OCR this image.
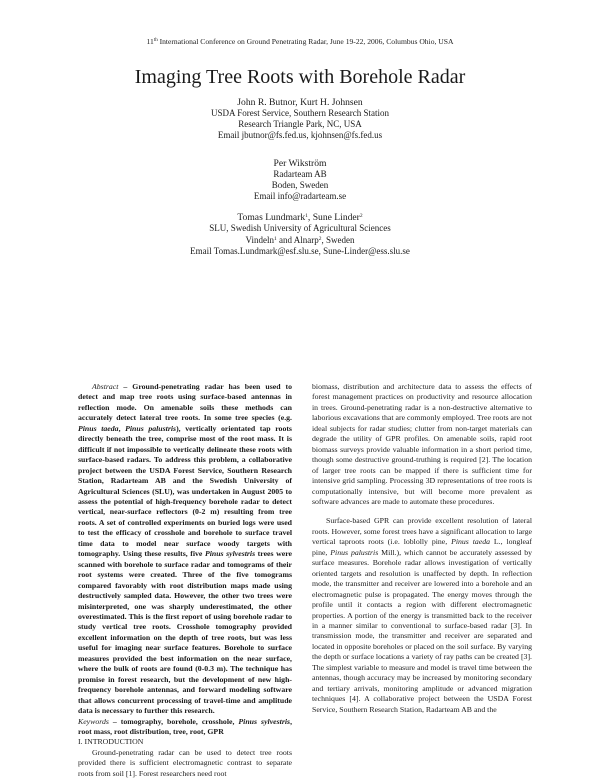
11th International Conference on Ground Penetrating Radar, June 19-22, 2006, Columbus Ohio, USA
Imaging Tree Roots with Borehole Radar
John R. Butnor, Kurt H. Johnsen
USDA Forest Service, Southern Research Station
Research Triangle Park, NC, USA
Email jbutnor@fs.fed.us, kjohnsen@fs.fed.us
Per Wikström
Radarteam AB
Boden, Sweden
Email info@radarteam.se
Tomas Lundmark$^1$, Sune Linder$^2$
SLU, Swedish University of Agricultural Sciences
Vindeln$^1$ and Alnarp$^2$, Sweden
Email Tomas.Lundmark@esf.slu.se, Sune-Linder@ess.slu.se

Abstract – Ground-penetrating radar has been used to detect and map tree roots using surface-based antennas in reflection mode. On amenable soils these methods can accurately detect lateral tree roots. In some tree species (e.g. Pinus taeda, Pinus palustris), vertically orientated tap roots directly beneath the tree, comprise most of the root mass. It is difficult if not impossible to vertically delineate these roots with surface-based radars. To address this problem, a collaborative project between the USDA Forest Service, Southern Research Station, Radarteam AB and the Swedish University of Agricultural Sciences (SLU), was undertaken in August 2005 to assess the potential of high-frequency borehole radar to detect vertical, near-surface reflectors (0-2 m) resulting from tree roots. A set of controlled experiments on buried logs were used to test the efficacy of crosshole and borehole to surface travel time data to model near surface woody targets with tomography. Using these results, five Pinus sylvestris trees were scanned with borehole to surface radar and tomograms of their root systems were created. Three of the five tomograms compared favorably with root distribution maps made using destructively sampled data. However, the other two trees were misinterpreted, one was sharply underestimated, the other overestimated. This is the first report of using borehole radar to study vertical tree roots. Crosshole tomography provided excellent information on the depth of tree roots, but was less useful for imaging near surface features. Borehole to surface measures provided the best information on the near surface, where the bulk of roots are found (0-0.3 m). The technique has promise in forest research, but the development of new high-frequency borehole antennas, and forward modeling software that allows concurrent processing of travel-time and amplitude data is necessary to further this research.

Keywords – tomography, borehole, crosshole, Pinus sylvestris, root mass, root distribution, tree, root, GPR

I. INTRODUCTION

Ground-penetrating radar can be used to detect tree roots provided there is sufficient electromagnetic contrast to separate roots from soil [1]. Forest researchers need root

biomass, distribution and architecture data to assess the effects of forest management practices on productivity and resource allocation in trees. Ground-penetrating radar is a non-destructive alternative to laborious excavations that are commonly employed. Tree roots are not ideal subjects for radar studies; clutter from non-target materials can degrade the utility of GPR profiles. On amenable soils, rapid root biomass surveys provide valuable information in a short period time, though some destructive ground-truthing is required [2]. The location of larger tree roots can be mapped if there is sufficient time for intensive grid sampling. Processing 3D representations of tree roots is computationally intensive, but will become more prevalent as software advances are made to automate these procedures.

Surface-based GPR can provide excellent resolution of lateral roots. However, some forest trees have a significant allocation to large vertical taproots roots (i.e. loblolly pine, Pinus taeda L., longleaf pine, Pinus palustris Mill.), which cannot be accurately assessed by surface measures. Borehole radar allows investigation of vertically oriented targets and resolution is unaffected by depth. In reflection mode, the transmitter and receiver are lowered into a borehole and an electromagnetic pulse is propagated. The energy moves through the profile until it contacts a region with different electromagnetic properties. A portion of the energy is transmitted back to the receiver in a manner similar to conventional to surface-based radar [3]. In transmission mode, the transmitter and receiver are separated and located in opposite boreholes or placed on the soil surface. By varying the depth or surface locations a variety of ray paths can be created [3]. The simplest variable to measure and model is travel time between the antennas, though accuracy may be increased by monitoring secondary and tertiary arrivals, monitoring amplitude or advanced migration techniques [4]. A collaborative project between the USDA Forest Service, Southern Research Station, Radarteam AB and the
